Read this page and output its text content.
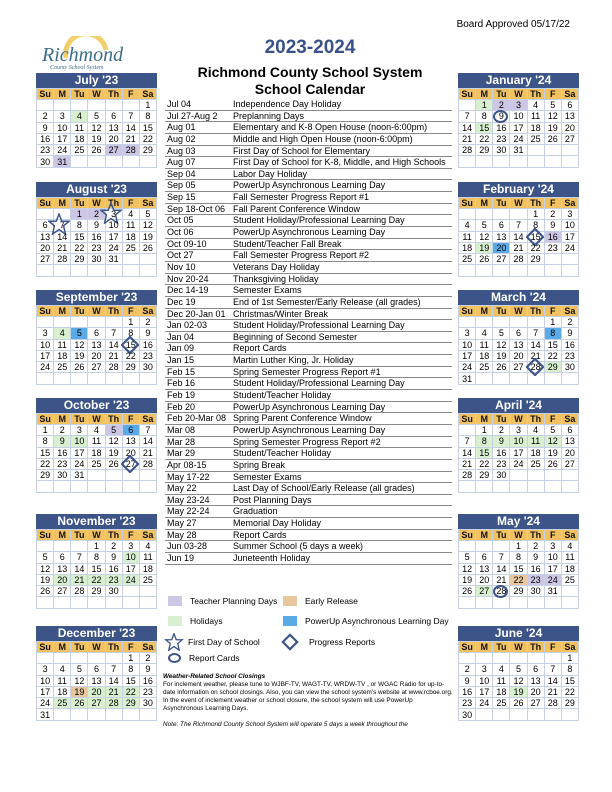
Board Approved 05/17/22
Richmond
County School System
2023-2024
Richmond County School System
School Calendar
July '23
Su	M	Tu	W	Th	F	Sa
						1
2	3	4	5	6	7	8
9	10	11	12	13	14	15
16	17	18	19	20	21	22
23	24	25	26	27	28	29
30	31					
August '23
Su	M	Tu	W	Th	F	Sa
		1	2	3	4	5
6	7	8	9	10	11	12
13	14	15	16	17	18	19
20	21	22	23	24	25	26
27	28	29	30	31		

September '23
Su	M	Tu	W	Th	F	Sa
					1	2
3	4	5	6	7	8	9
10	11	12	13	14	15	16
17	18	19	20	21	22	23
24	25	26	27	28	29	30

October '23
Su	M	Tu	W	Th	F	Sa
1	2	3	4	5	6	7
8	9	10	11	12	13	14
15	16	17	18	19	20	21
22	23	24	25	26	27	28
29	30	31				

November '23
Su	M	Tu	W	Th	F	Sa
			1	2	3	4
5	6	7	8	9	10	11
12	13	14	15	16	17	18
19	20	21	22	23	24	25
26	27	28	29	30		

December '23
Su	M	Tu	W	Th	F	Sa
					1	2
3	4	5	6	7	8	9
10	11	12	13	14	15	16
17	18	19	20	21	22	23
24	25	26	27	28	29	30
31						
January '24
Su	M	Tu	W	Th	F	Sa
	1	2	3	4	5	6
7	8	9	10	11	12	13
14	15	16	17	18	19	20
21	22	23	24	25	26	27
28	29	30	31			

February '24
Su	M	Tu	W	Th	F	Sa
				1	2	3
4	5	6	7	8	9	10
11	12	13	14	15	16	17
18	19	20	21	22	23	24
25	26	27	28	29		

March '24
Su	M	Tu	W	Th	F	Sa
					1	2
3	4	5	6	7	8	9
10	11	12	13	14	15	16
17	18	19	20	21	22	23
24	25	26	27	28	29	30
31						
April '24
Su	M	Tu	W	Th	F	Sa
	1	2	3	4	5	6
7	8	9	10	11	12	13
14	15	16	17	18	19	20
21	22	23	24	25	26	27
28	29	30				

May '24
Su	M	Tu	W	Th	F	Sa
			1	2	3	4
5	6	7	8	9	10	11
12	13	14	15	16	17	18
19	20	21	22	23	24	25
26	27	28	29	30	31	

June '24
Su	M	Tu	W	Th	F	Sa
						1
2	3	4	5	6	7	8
9	10	11	12	13	14	15
16	17	18	19	20	21	22
23	24	25	26	27	28	29
30						
Jul 04	Independence Day Holiday
Jul 27-Aug 2	Preplanning Days
Aug 01	Elementary and K-8 Open House (noon-6:00pm)
Aug 02	Middle and High Open House (noon-6:00pm)
Aug 03	First Day of School for Elementary
Aug 07	First Day of School for K-8, Middle, and High Schools
Sep 04	Labor Day Holiday
Sep 05	PowerUp Asynchronous Learning Day
Sep 15	Fall Semester Progress Report #1
Sep 18-Oct 06 Fall Parent Conference Window
Oct 05	Student Holiday/Professional Learning Day
Oct 06	PowerUp Asynchronous Learning Day
Oct 09-10	Student/Teacher Fall Break
Oct 27	Fall Semester Progress Report #2
Nov 10	Veterans Day Holiday
Nov 20-24	Thanksgiving Holiday
Dec 14-19	Semester Exams
Dec 19	End of 1st Semester/Early Release (all grades)
Dec 20-Jan 01 Christmas/Winter Break
Jan 02-03	Student Holiday/Professional Learning Day
Jan 04	Beginning of Second Semester
Jan 09	Report Cards
Jan 15	Martin Luther King, Jr. Holiday
Feb 15	Spring Semester Progress Report #1
Feb 16	Student Holiday/Professional Learning Day
Feb 19	Student/Teacher Holiday
Feb 20	PowerUp Asynchronous Learning Day
Feb 20-Mar 08 Spring Parent Conference Window
Mar 08	PowerUp Asynchronous Learning Day
Mar 28	Spring Semester Progress Report #2
Mar 29	Student/Teacher Holiday
Apr 08-15	Spring Break
May 17-22	Semester Exams
May 22	Last Day of School/Early Release (all grades)
May 23-24	Post Planning Days
May 22-24	Graduation
May 27	Memorial Day Holiday
May 28	Report Cards
Jun 03-28	Summer School (5 days a week)
Jun 19	Juneteenth Holiday
Teacher Planning Days	Early Release
Holidays	PowerUp Asynchronous Learning Day
First Day of School	Progress Reports
Report Cards
Weather-Related School Closings
For inclement weather, please tune to WJBF-TV, WAGT-TV, WRDW-TV , or WGAC Radio for up-to-date information on school closings. Also, you can view the school system's website at www.rcboe.org. In the event of inclement weather or school closure, the school system will use PowerUp Asynchronous Learning Days.
Note: The Richmond County School System will operate 5 days a week throughout the
